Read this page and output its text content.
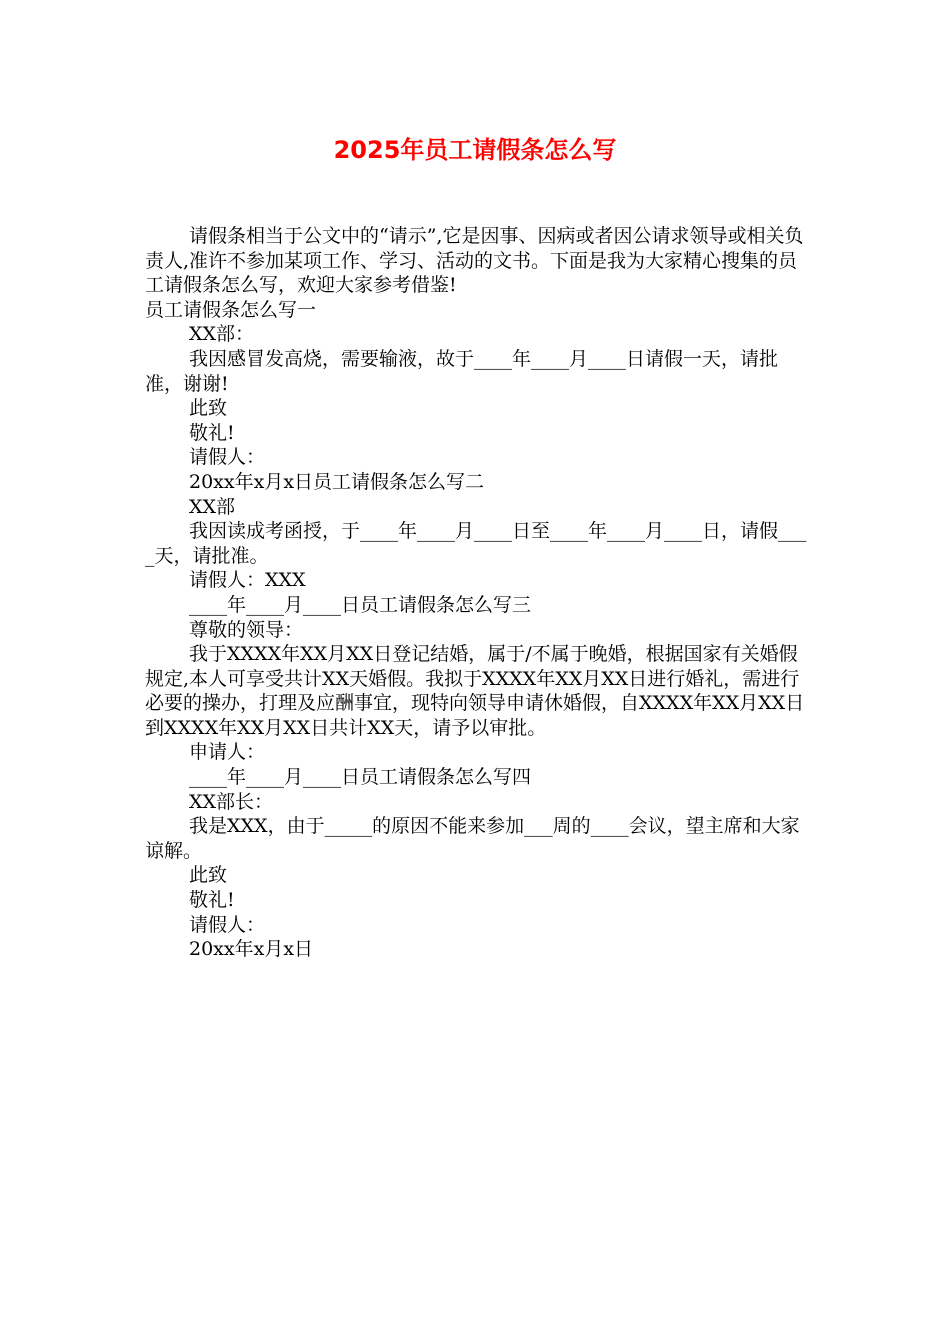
2025年员工请假条怎么写

请假条相当于公文中的“请示”,它是因事、因病或者因公请求领导或相关负责人,准许不参加某项工作、学习、活动的文书。下面是我为大家精心搜集的员工请假条怎么写，欢迎大家参考借鉴!

员工请假条怎么写一

XX部：

我因感冒发高烧，需要输液，故于____年____月____日请假一天，请批准，谢谢!

此致

敬礼!

请假人：

20xx年x月x日员工请假条怎么写二

XX部

我因读成考函授，于____年____月____日至____年____月____日，请假____天，请批准。

请假人：XXX

____年____月____日员工请假条怎么写三

尊敬的领导：

我于XXXX年XX月XX日登记结婚，属于/不属于晚婚，根据国家有关婚假规定,本人可享受共计XX天婚假。我拟于XXXX年XX月XX日进行婚礼，需进行必要的操办，打理及应酬事宜，现特向领导申请休婚假，自XXXX年XX月XX日到XXXX年XX月XX日共计XX天，请予以审批。

申请人：

____年____月____日员工请假条怎么写四

XX部长：

我是XXX，由于_____的原因不能来参加___周的____会议，望主席和大家谅解。

此致

敬礼!

请假人：

20xx年x月x日
